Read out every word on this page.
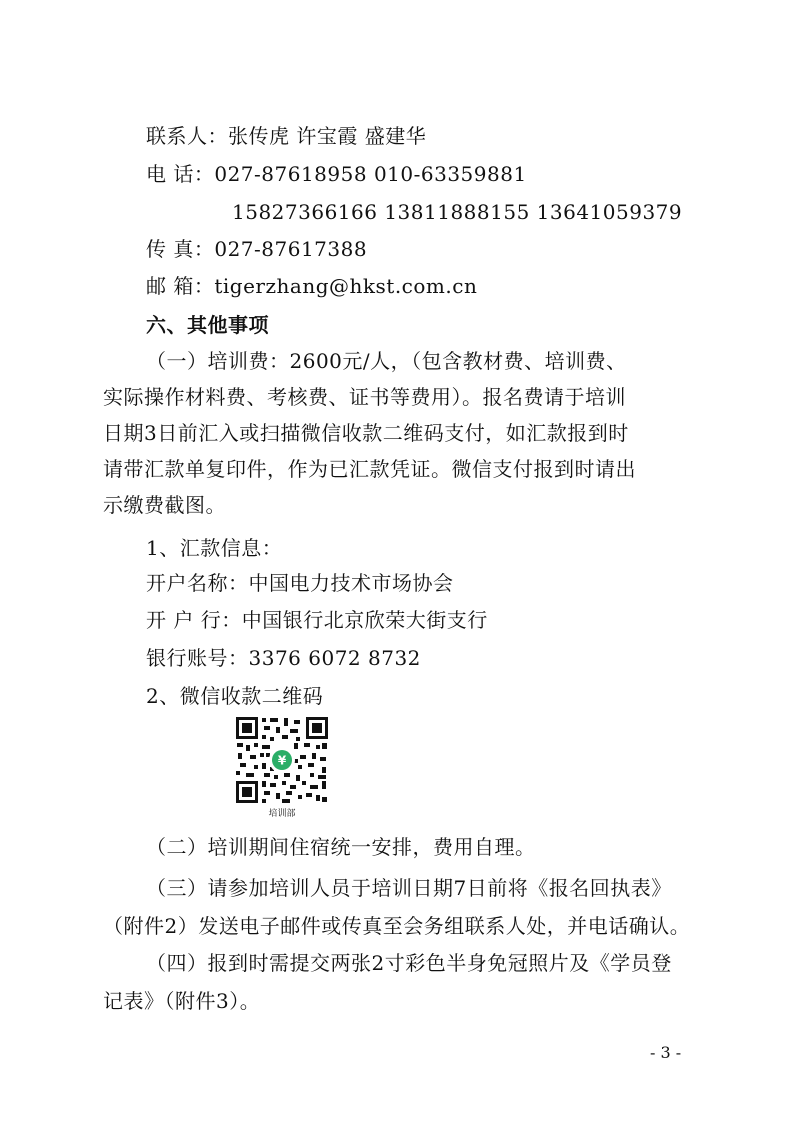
联系人：张传虎 许宝霞 盛建华
电 话：027-87618958 010-63359881
15827366166 13811888155 13641059379
传 真：027-87617388
邮 箱：tigerzhang@hkst.com.cn
六、其他事项
（一）培训费：2600元/人，（包含教材费、培训费、
实际操作材料费、考核费、证书等费用）。报名费请于培训
日期3日前汇入或扫描微信收款二维码支付，如汇款报到时
请带汇款单复印件，作为已汇款凭证。微信支付报到时请出
示缴费截图。
1、汇款信息：
开户名称：中国电力技术市场协会
开 户 行：中国银行北京欣荣大街支行
银行账号：3376 6072 8732
2、微信收款二维码
¥
培训部
（二）培训期间住宿统一安排，费用自理。
（三）请参加培训人员于培训日期7日前将《报名回执表》
（附件2）发送电子邮件或传真至会务组联系人处，并电话确认。
（四）报到时需提交两张2寸彩色半身免冠照片及《学员登
记表》（附件3）。
- 3 -
